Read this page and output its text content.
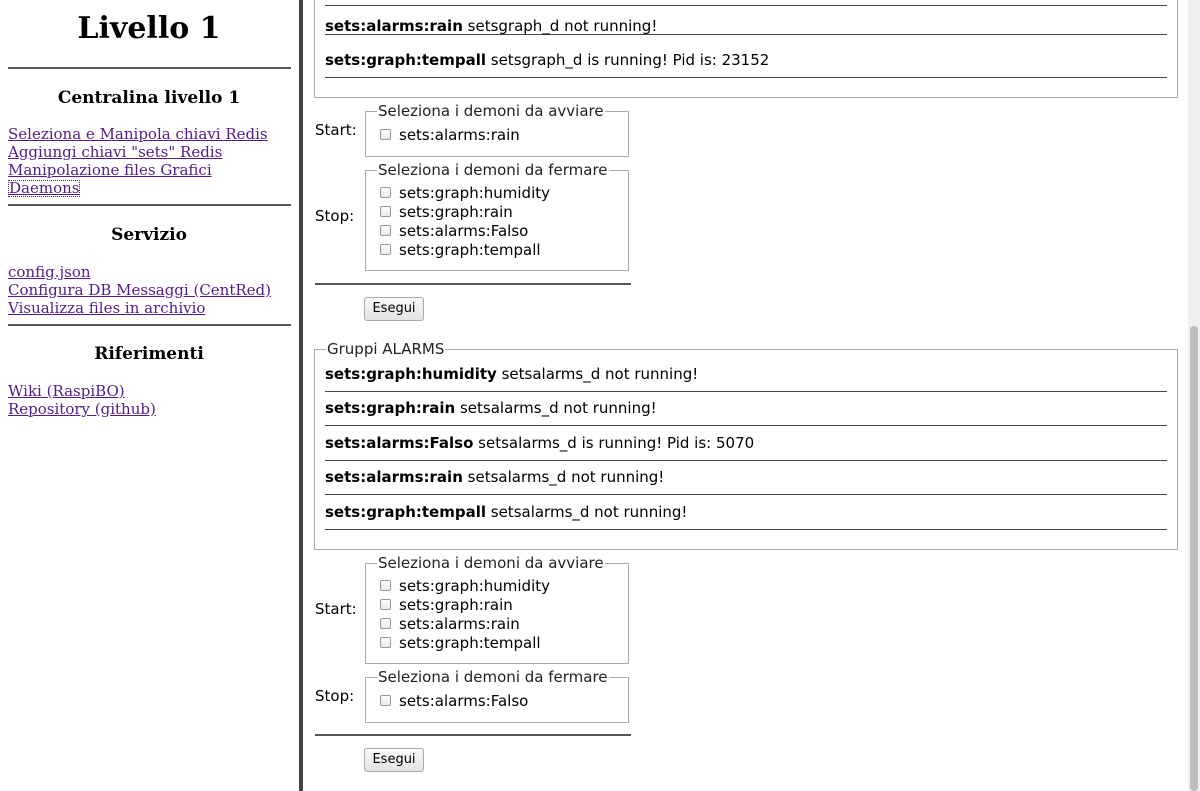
Livello 1
Centralina livello 1
Seleziona e Manipola chiavi Redis
Aggiungi chiavi "sets" Redis
Manipolazione files Grafici
Daemons
Servizio
config.json
Configura DB Messaggi (CentRed)
Visualizza files in archivio
Riferimenti
Wiki (RaspiBO)
Repository (github)
sets:alarms:rain setsgraph_d not running!
sets:graph:tempall setsgraph_d is running! Pid is: 23152
Start:
Seleziona i demoni da avviare
sets:alarms:rain
Stop:
Seleziona i demoni da fermare
sets:graph:humidity
sets:graph:rain
sets:alarms:Falso
sets:graph:tempall
Esegui
Gruppi ALARMS
sets:graph:humidity setsalarms_d not running!
sets:graph:rain setsalarms_d not running!
sets:alarms:Falso setsalarms_d is running! Pid is: 5070
sets:alarms:rain setsalarms_d not running!
sets:graph:tempall setsalarms_d not running!
Start:
Seleziona i demoni da avviare
sets:graph:humidity
sets:graph:rain
sets:alarms:rain
sets:graph:tempall
Stop:
Seleziona i demoni da fermare
sets:alarms:Falso
Esegui
